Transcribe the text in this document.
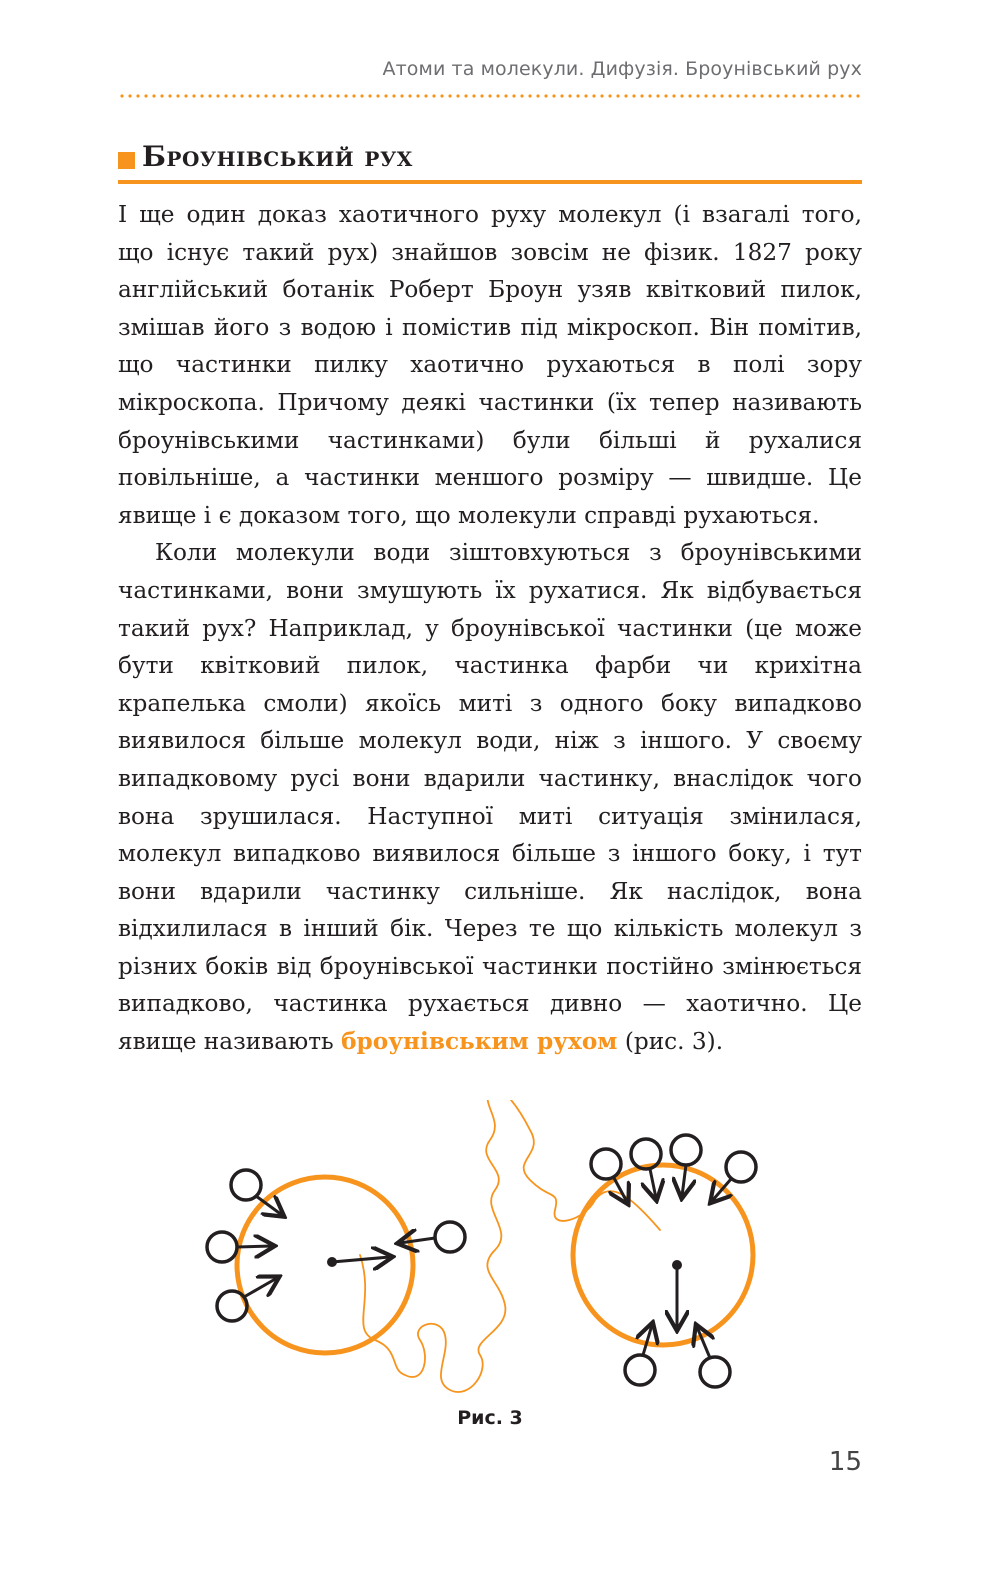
Атоми та молекули. Дифузія. Броунівський рух
Броунівський рух

І ще один доказ хаотичного руху молекул (і взагалі того, що існує такий рух) знайшов зовсім не фізик. 1827 року англійський ботанік Роберт Броун узяв квітковий пилок, змішав його з водою і помістив під мікроскоп. Він помітив, що частинки пилку хаотично рухаються в полі зору мікроскопа. Причому деякі частинки (їх тепер називають броунівськими частинками) були більші й рухалися повільніше, а частинки меншого розміру — швидше. Це явище і є доказом того, що молекули справді рухаються.

Коли молекули води зіштовхуються з броунівськими частинками, вони змушують їх рухатися. Як відбувається такий рух? Наприклад, у броунівської частинки (це може бути квітковий пилок, частинка фарби чи крихітна крапелька смоли) якоїсь миті з одного боку випадково виявилося більше молекул води, ніж з іншого. У своєму випадковому русі вони вдарили частинку, внаслідок чого вона зрушилася. Наступної миті ситуація змінилася, молекул випадково виявилося більше з іншого боку, і тут вони вдарили частинку сильніше. Як наслідок, вона відхилилася в інший бік. Через те що кількість молекул з різних боків від броунівської частинки постійно змінюється випадково, частинка рухається дивно — хаотично. Це явище називають броунівським рухом (рис. 3).

Рис. 3
15
